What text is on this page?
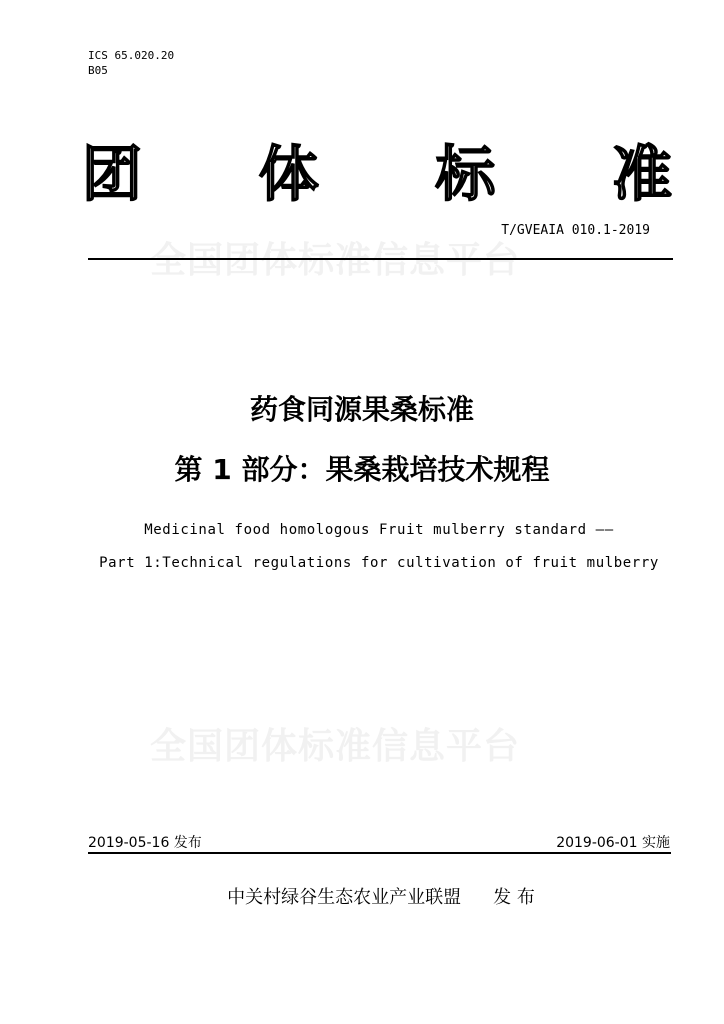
ICS 65.020.20
B05
团 体 标 准
全国团体标准信息平台
T/GVEAIA 010.1-2019
药食同源果桑标准
第 1 部分：果桑栽培技术规程
Medicinal food homologous Fruit mulberry standard ——
Part 1:Technical regulations for cultivation of fruit mulberry
全国团体标准信息平台
2019-05-16 发布	2019-06-01 实施
中关村绿谷生态农业产业联盟 发 布
